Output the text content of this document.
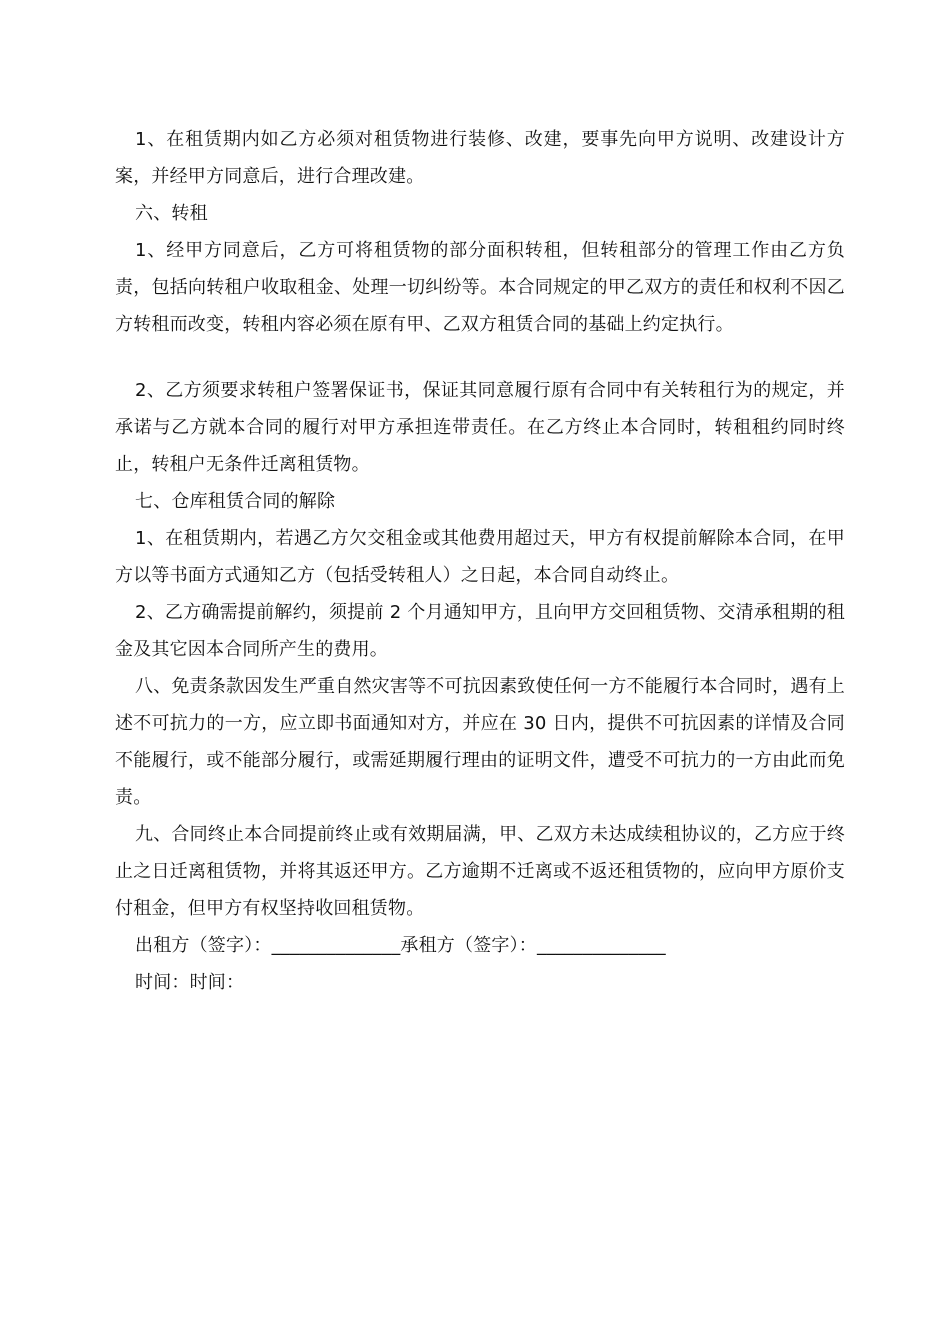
1、在租赁期内如乙方必须对租赁物进行装修、改建，要事先向甲方说明、改建设计方案，并经甲方同意后，进行合理改建。

六、转租

1、经甲方同意后，乙方可将租赁物的部分面积转租，但转租部分的管理工作由乙方负责，包括向转租户收取租金、处理一切纠纷等。本合同规定的甲乙双方的责任和权利不因乙方转租而改变，转租内容必须在原有甲、乙双方租赁合同的基础上约定执行。

2、乙方须要求转租户签署保证书，保证其同意履行原有合同中有关转租行为的规定，并承诺与乙方就本合同的履行对甲方承担连带责任。在乙方终止本合同时，转租租约同时终止，转租户无条件迁离租赁物。

七、仓库租赁合同的解除

1、在租赁期内，若遇乙方欠交租金或其他费用超过天，甲方有权提前解除本合同，在甲方以等书面方式通知乙方（包括受转租人）之日起，本合同自动终止。

2、乙方确需提前解约，须提前 2 个月通知甲方，且向甲方交回租赁物、交清承租期的租金及其它因本合同所产生的费用。

八、免责条款因发生严重自然灾害等不可抗因素致使任何一方不能履行本合同时，遇有上述不可抗力的一方，应立即书面通知对方，并应在 30 日内，提供不可抗因素的详情及合同不能履行，或不能部分履行，或需延期履行理由的证明文件，遭受不可抗力的一方由此而免责。

九、合同终止本合同提前终止或有效期届满，甲、乙双方未达成续租协议的，乙方应于终止之日迁离租赁物，并将其返还甲方。乙方逾期不迁离或不返还租赁物的，应向甲方原价支付租金，但甲方有权坚持收回租赁物。

出租方（签字）：______________承租方（签字）：______________

时间：时间：
